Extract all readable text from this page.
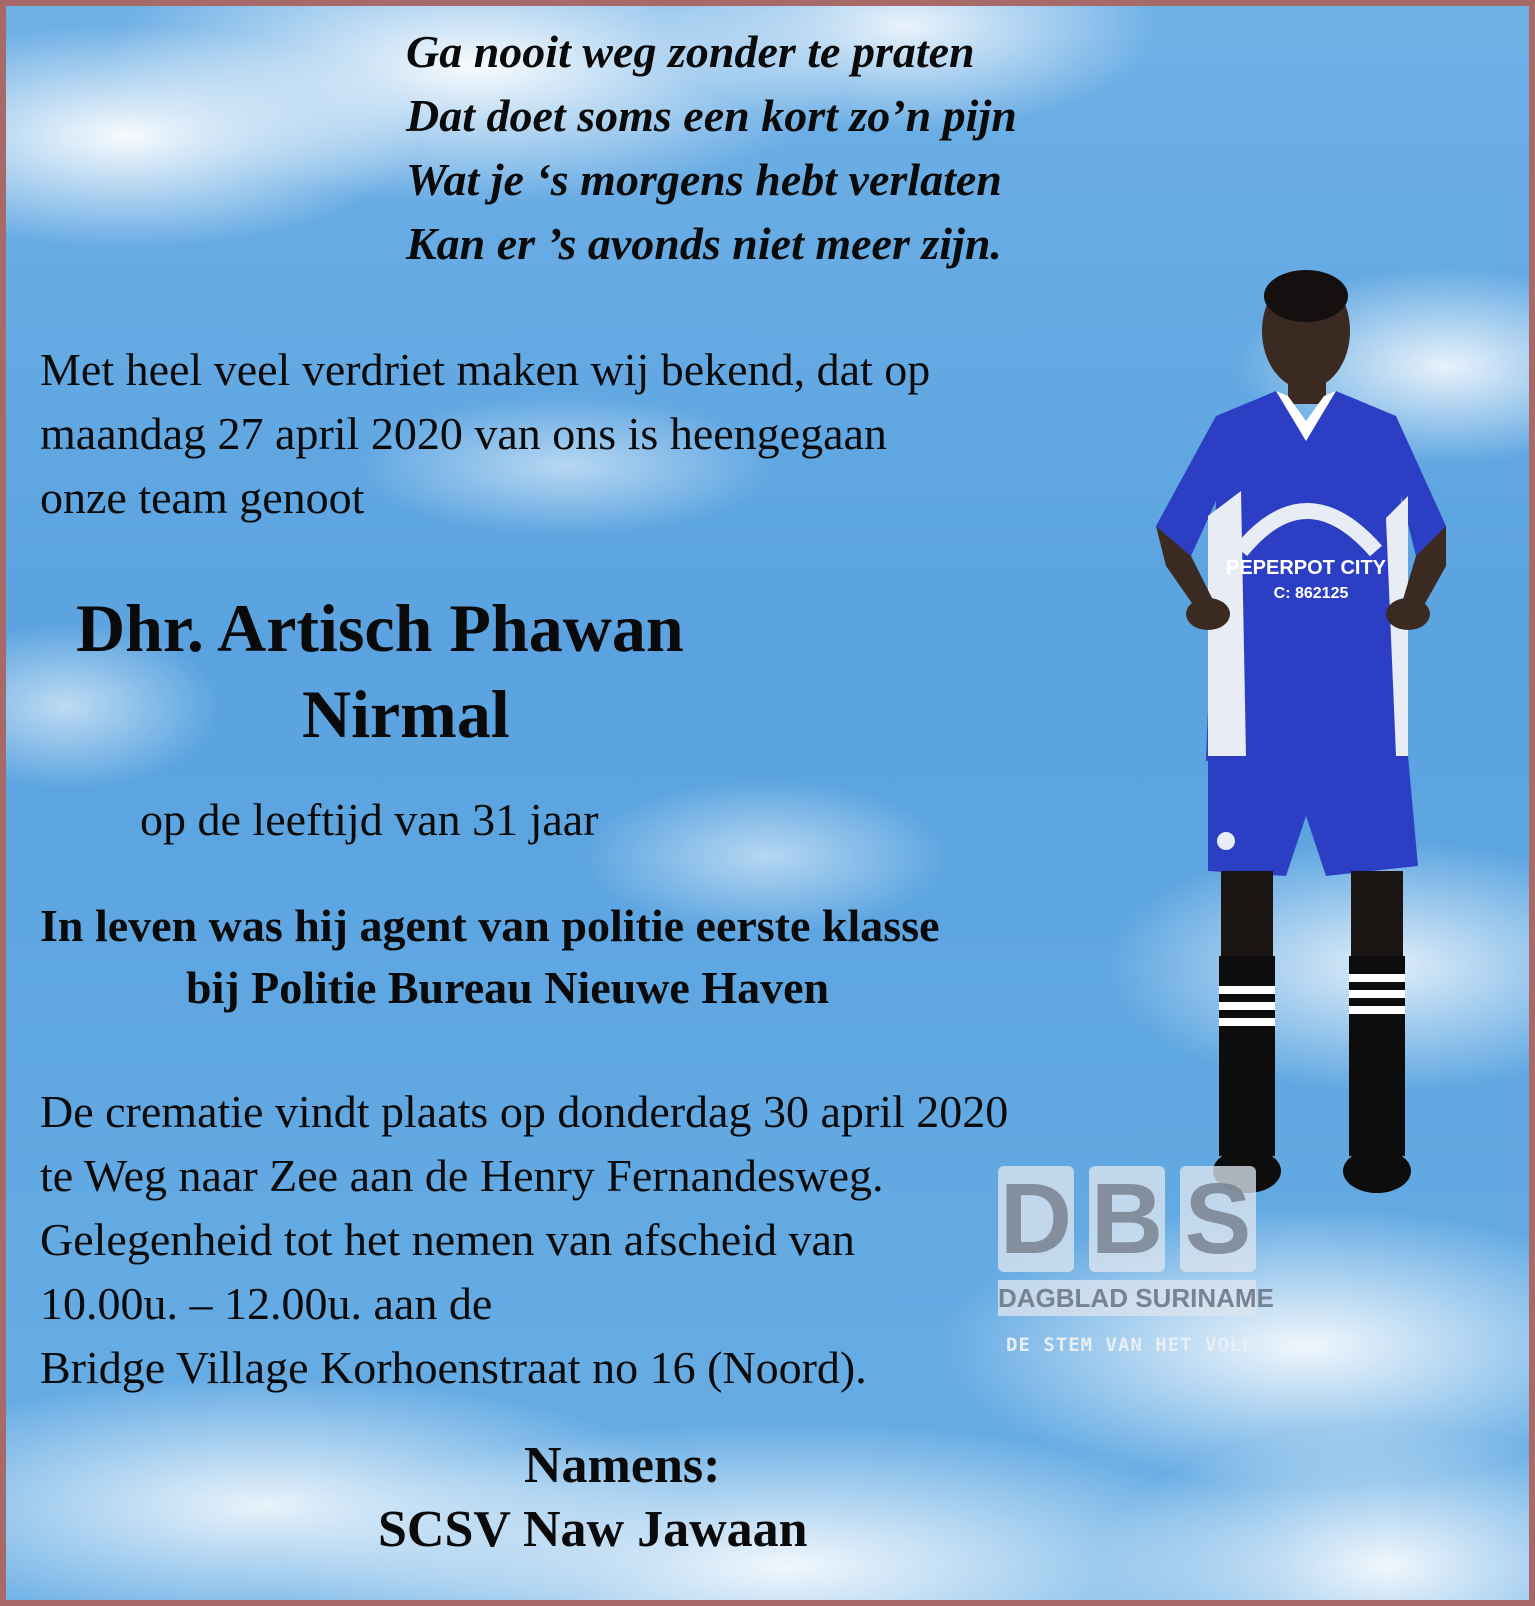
Ga nooit weg zonder te praten
Dat doet soms een kort zo’n pijn
Wat je ‘s morgens hebt verlaten
Kan er ’s avonds niet meer zijn.
Met heel veel verdriet maken wij bekend, dat op
maandag 27 april 2020 van ons is heengegaan
onze team genoot
Dhr. Artisch Phawan
Nirmal
op de leeftijd van 31 jaar
In leven was hij agent van politie eerste klasse
bij Politie Bureau Nieuwe Haven
De crematie vindt plaats op donderdag 30 april 2020
te Weg naar Zee aan de Henry Fernandesweg.
Gelegenheid tot het nemen van afscheid van
10.00u. – 12.00u. aan de
Bridge Village Korhoenstraat no 16 (Noord).
Namens:
SCSV Naw Jawaan
PEPERPOT CITY
C: 862125
D B S
DAGBLAD SURINAME
DE STEM VAN HET VOLK
